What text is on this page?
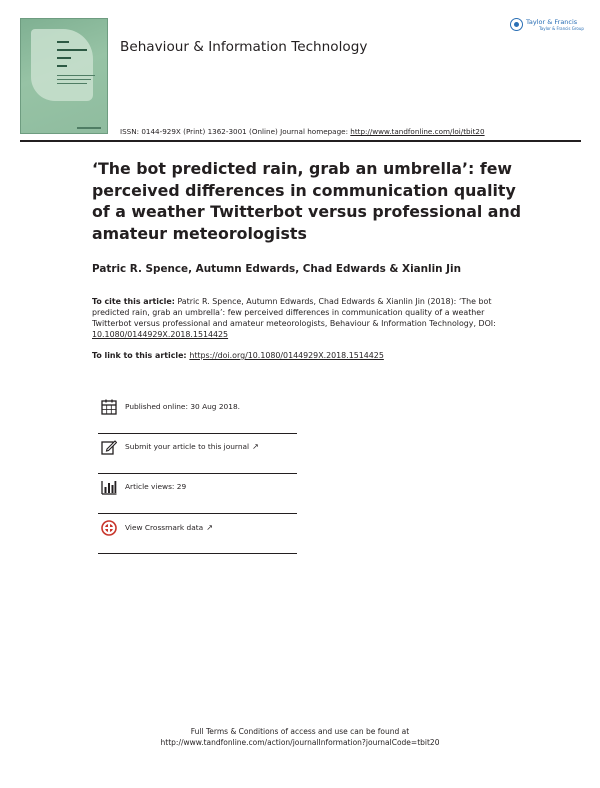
Behaviour & Information Technology
Taylor & Francis
Taylor & Francis Group
ISSN: 0144-929X (Print) 1362-3001 (Online) Journal homepage: http://www.tandfonline.com/loi/tbit20
‘The bot predicted rain, grab an umbrella’: few perceived differences in communication quality of a weather Twitterbot versus professional and amateur meteorologists
Patric R. Spence, Autumn Edwards, Chad Edwards & Xianlin Jin
To cite this article: Patric R. Spence, Autumn Edwards, Chad Edwards & Xianlin Jin (2018): ‘The bot predicted rain, grab an umbrella’: few perceived differences in communication quality of a weather Twitterbot versus professional and amateur meteorologists, Behaviour & Information Technology, DOI: 10.1080/0144929X.2018.1514425
To link to this article: https://doi.org/10.1080/0144929X.2018.1514425
Published online: 30 Aug 2018.
Submit your article to this journal ↗
Article views: 29
View Crossmark data ↗
Full Terms & Conditions of access and use can be found at
http://www.tandfonline.com/action/journalInformation?journalCode=tbit20
